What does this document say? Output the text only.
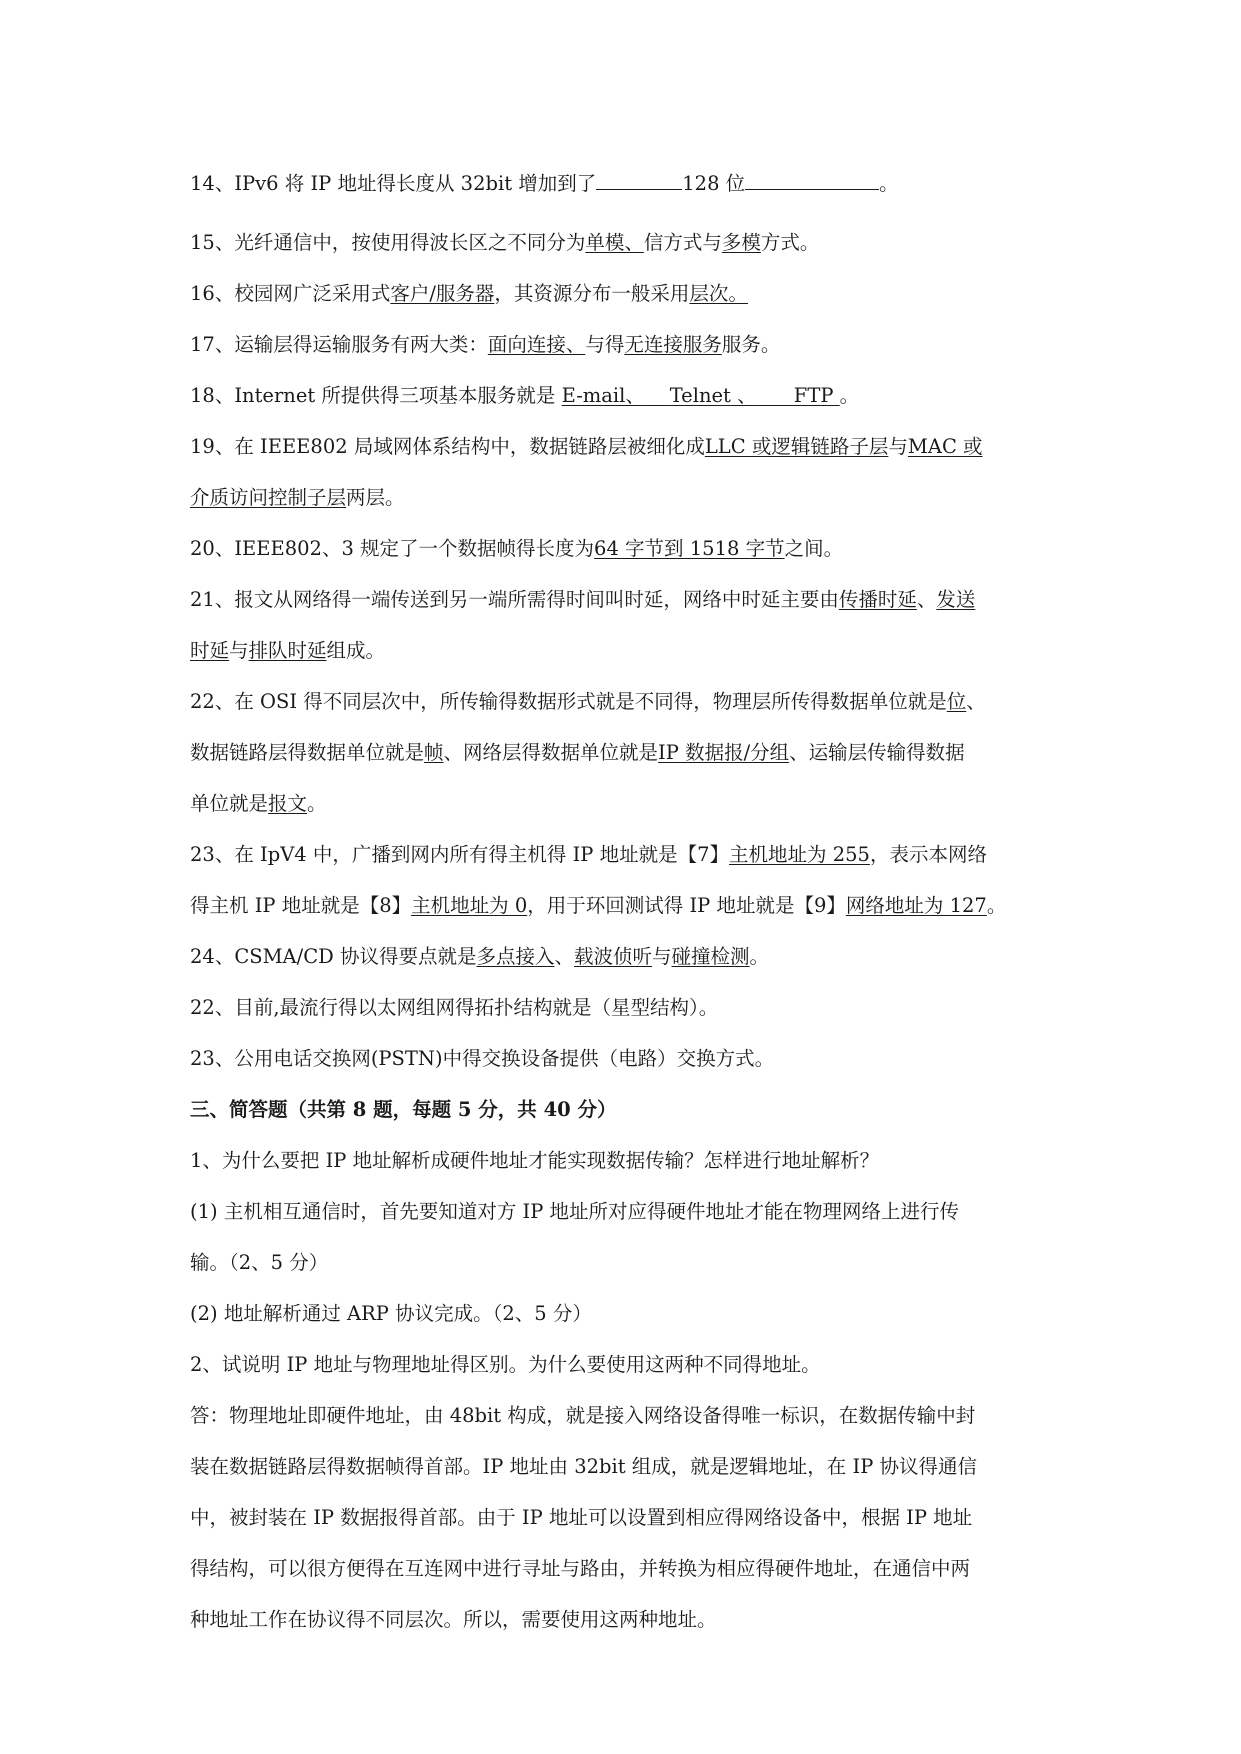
14、IPv6 将 IP 地址得长度从 32bit 增加到了	128 位	。
15、光纤通信中，按使用得波长区之不同分为单模、信方式与多模方式。
16、校园网广泛采用式客户/服务器，其资源分布一般采用层次。
17、运输层得运输服务有两大类：面向连接、与得无连接服务服务。
18、Internet 所提供得三项基本服务就是 E-mail、 Telnet 、 FTP 。
19、在 IEEE802 局域网体系结构中，数据链路层被细化成LLC 或逻辑链路子层与MAC 或
介质访问控制子层两层。
20、IEEE802、3 规定了一个数据帧得长度为64 字节到 1518 字节之间。
21、报文从网络得一端传送到另一端所需得时间叫时延，网络中时延主要由传播时延、发送
时延与排队时延组成。
22、在 OSI 得不同层次中，所传输得数据形式就是不同得，物理层所传得数据单位就是位、
数据链路层得数据单位就是帧、网络层得数据单位就是IP 数据报/分组、运输层传输得数据
单位就是报文。
23、在 IpV4 中，广播到网内所有得主机得 IP 地址就是【7】主机地址为 255，表示本网络
得主机 IP 地址就是【8】主机地址为 0，用于环回测试得 IP 地址就是【9】网络地址为 127。
24、CSMA/CD 协议得要点就是多点接入、载波侦听与碰撞检测。
22、目前,最流行得以太网组网得拓扑结构就是（星型结构）。
23、公用电话交换网(PSTN)中得交换设备提供（电路）交换方式。
三、简答题（共第 8 题，每题 5 分，共 40 分）
1、为什么要把 IP 地址解析成硬件地址才能实现数据传输？怎样进行地址解析？
(1) 主机相互通信时，首先要知道对方 IP 地址所对应得硬件地址才能在物理网络上进行传
输。（2、5 分）
(2) 地址解析通过 ARP 协议完成。（2、5 分）
2、试说明 IP 地址与物理地址得区别。为什么要使用这两种不同得地址。
答：物理地址即硬件地址，由 48bit 构成，就是接入网络设备得唯一标识，在数据传输中封
装在数据链路层得数据帧得首部。IP 地址由 32bit 组成，就是逻辑地址，在 IP 协议得通信
中，被封装在 IP 数据报得首部。由于 IP 地址可以设置到相应得网络设备中，根据 IP 地址
得结构，可以很方便得在互连网中进行寻址与路由，并转换为相应得硬件地址，在通信中两
种地址工作在协议得不同层次。所以，需要使用这两种地址。
